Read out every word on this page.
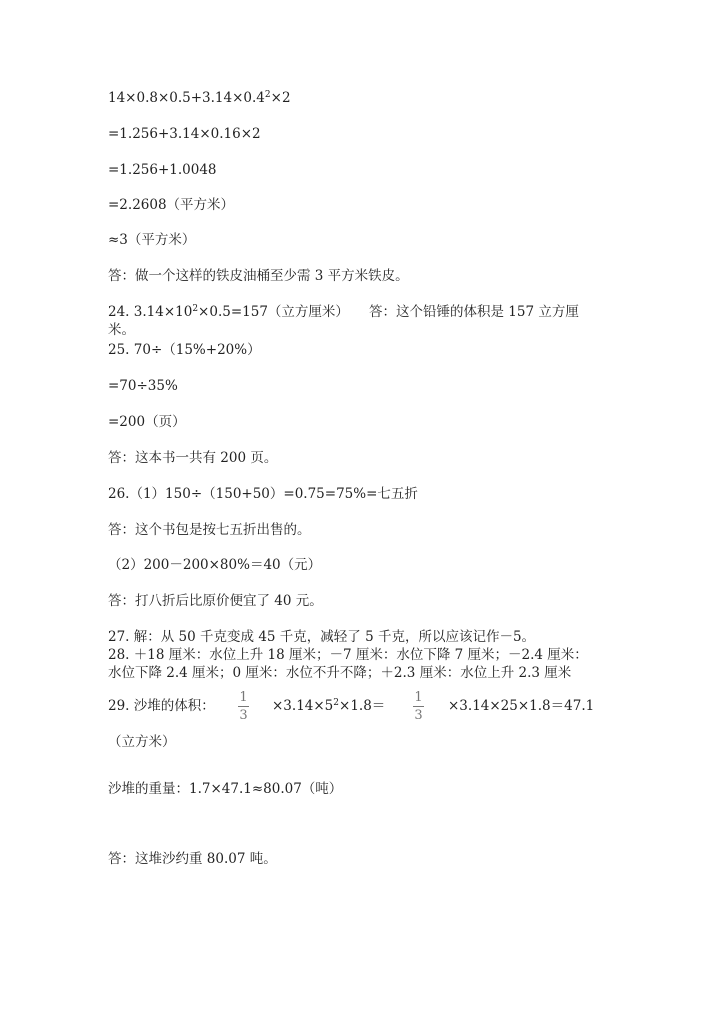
$14\times 0.8\times 0.5+3.14\times 0.4^2\times 2$
=1.256+3.14×0.16×2
=1.256+1.0048
=2.2608（平方米）
≈3（平方米）
答：做一个这样的铁皮油桶至少需 3 平方米铁皮。
24. $3.14\times 10^2\times 0.5=157$（立方厘米） 答：这个铅锤的体积是 157 立方厘
米。
25. 70÷（15%+20%）
=70÷35%
=200（页）
答：这本书一共有 200 页。
26.（1）150÷（150+50）=0.75=75%=七五折
答：这个书包是按七五折出售的。
（2）200－200×80%＝40（元）
答：打八折后比原价便宜了 40 元。
27. 解：从 50 千克变成 45 千克，减轻了 5 千克，所以应该记作－5。
28. ＋18 厘米：水位上升 18 厘米；－7 厘米：水位下降 7 厘米；－2.4 厘米：
水位下降 2.4 厘米；0 厘米：水位不升不降；＋2.3 厘米：水位上升 2.3 厘米
29. 沙堆的体积：
1
3
$\times 3.14\times 5^2\times 1.8=$
1
3
×3.14×25×1.8＝47.1
（立方米）
沙堆的重量：1.7×47.1≈80.07（吨）
答：这堆沙约重 80.07 吨。
